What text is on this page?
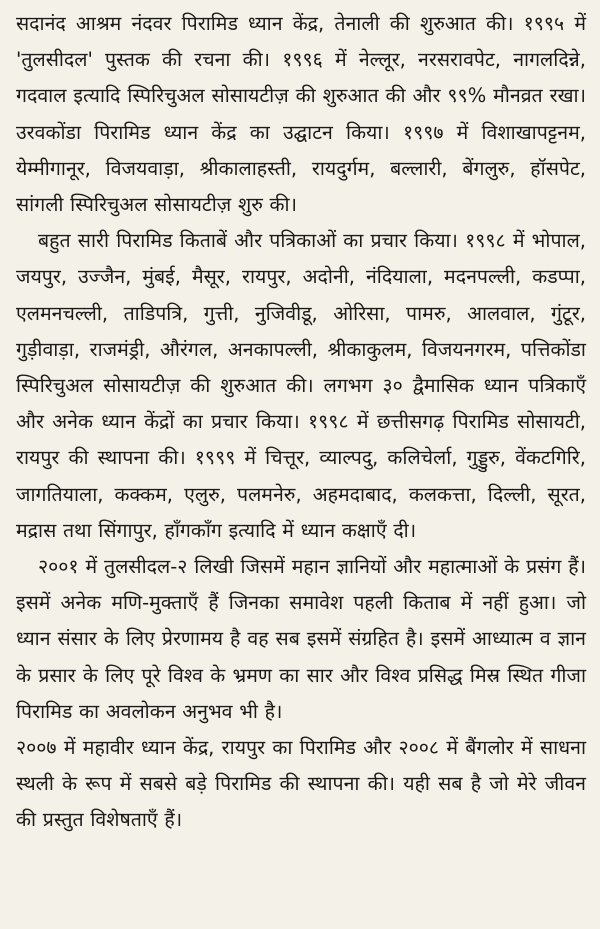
सदानंद आश्रम नंदवर पिरामिड ध्यान केंद्र, तेनाली की शुरुआत की। १९९५ में 'तुलसीदल' पुस्तक की रचना की। १९९६ में नेल्लूर, नरसरावपेट, नागलदिन्ने, गदवाल इत्यादि स्पिरिचुअल सोसायटीज़ की शुरुआत की और ९९% मौनव्रत रखा। उरवकोंडा पिरामिड ध्यान केंद्र का उद्घाटन किया। १९९७ में विशाखापट्टनम, येम्मीगानूर, विजयवाड़ा, श्रीकालाहस्ती, रायदुर्गम, बल्लारी, बेंगलुरु, हॉसपेट, सांगली स्पिरिचुअल सोसायटीज़ शुरु की।

बहुत सारी पिरामिड किताबें और पत्रिकाओं का प्रचार किया। १९९८ में भोपाल, जयपुर, उज्जैन, मुंबई, मैसूर, रायपुर, अदोनी, नंदियाला, मदनपल्ली, कडप्पा, एलमनचल्ली, ताडिपत्रि, गुत्ती, नुजिवीडू, ओरिसा, पामरु, आलवाल, गुंटूर, गुड़ीवाड़ा, राजमंड्री, औरंगल, अनकापल्ली, श्रीकाकुलम, विजयनगरम, पत्तिकोंडा स्पिरिचुअल सोसायटीज़ की शुरुआत की। लगभग ३० द्वैमासिक ध्यान पत्रिकाएँ और अनेक ध्यान केंद्रों का प्रचार किया। १९९८ में छत्तीसगढ़ पिरामिड सोसायटी, रायपुर की स्थापना की। १९९९ में चित्तूर, व्याल्पदु, कलिचेर्ला, गुड्डुरु, वेंकटगिरि, जागतियाला, कक्कम, एलुरु, पलमनेरु, अहमदाबाद, कलकत्ता, दिल्ली, सूरत, मद्रास तथा सिंगापुर, हाँगकाँग इत्यादि में ध्यान कक्षाएँ दी।

२००१ में तुलसीदल-२ लिखी जिसमें महान ज्ञानियों और महात्माओं के प्रसंग हैं। इसमें अनेक मणि-मुक्ताएँ हैं जिनका समावेश पहली किताब में नहीं हुआ। जो ध्यान संसार के लिए प्रेरणामय है वह सब इसमें संग्रहित है। इसमें आध्यात्म व ज्ञान के प्रसार के लिए पूरे विश्व के भ्रमण का सार और विश्व प्रसिद्ध मिस्र स्थित गीजा पिरामिड का अवलोकन अनुभव भी है।

२००७ में महावीर ध्यान केंद्र, रायपुर का पिरामिड और २००८ में बैंगलोर में साधना स्थली के रूप में सबसे बड़े पिरामिड की स्थापना की। यही सब है जो मेरे जीवन की प्रस्तुत विशेषताएँ हैं।
